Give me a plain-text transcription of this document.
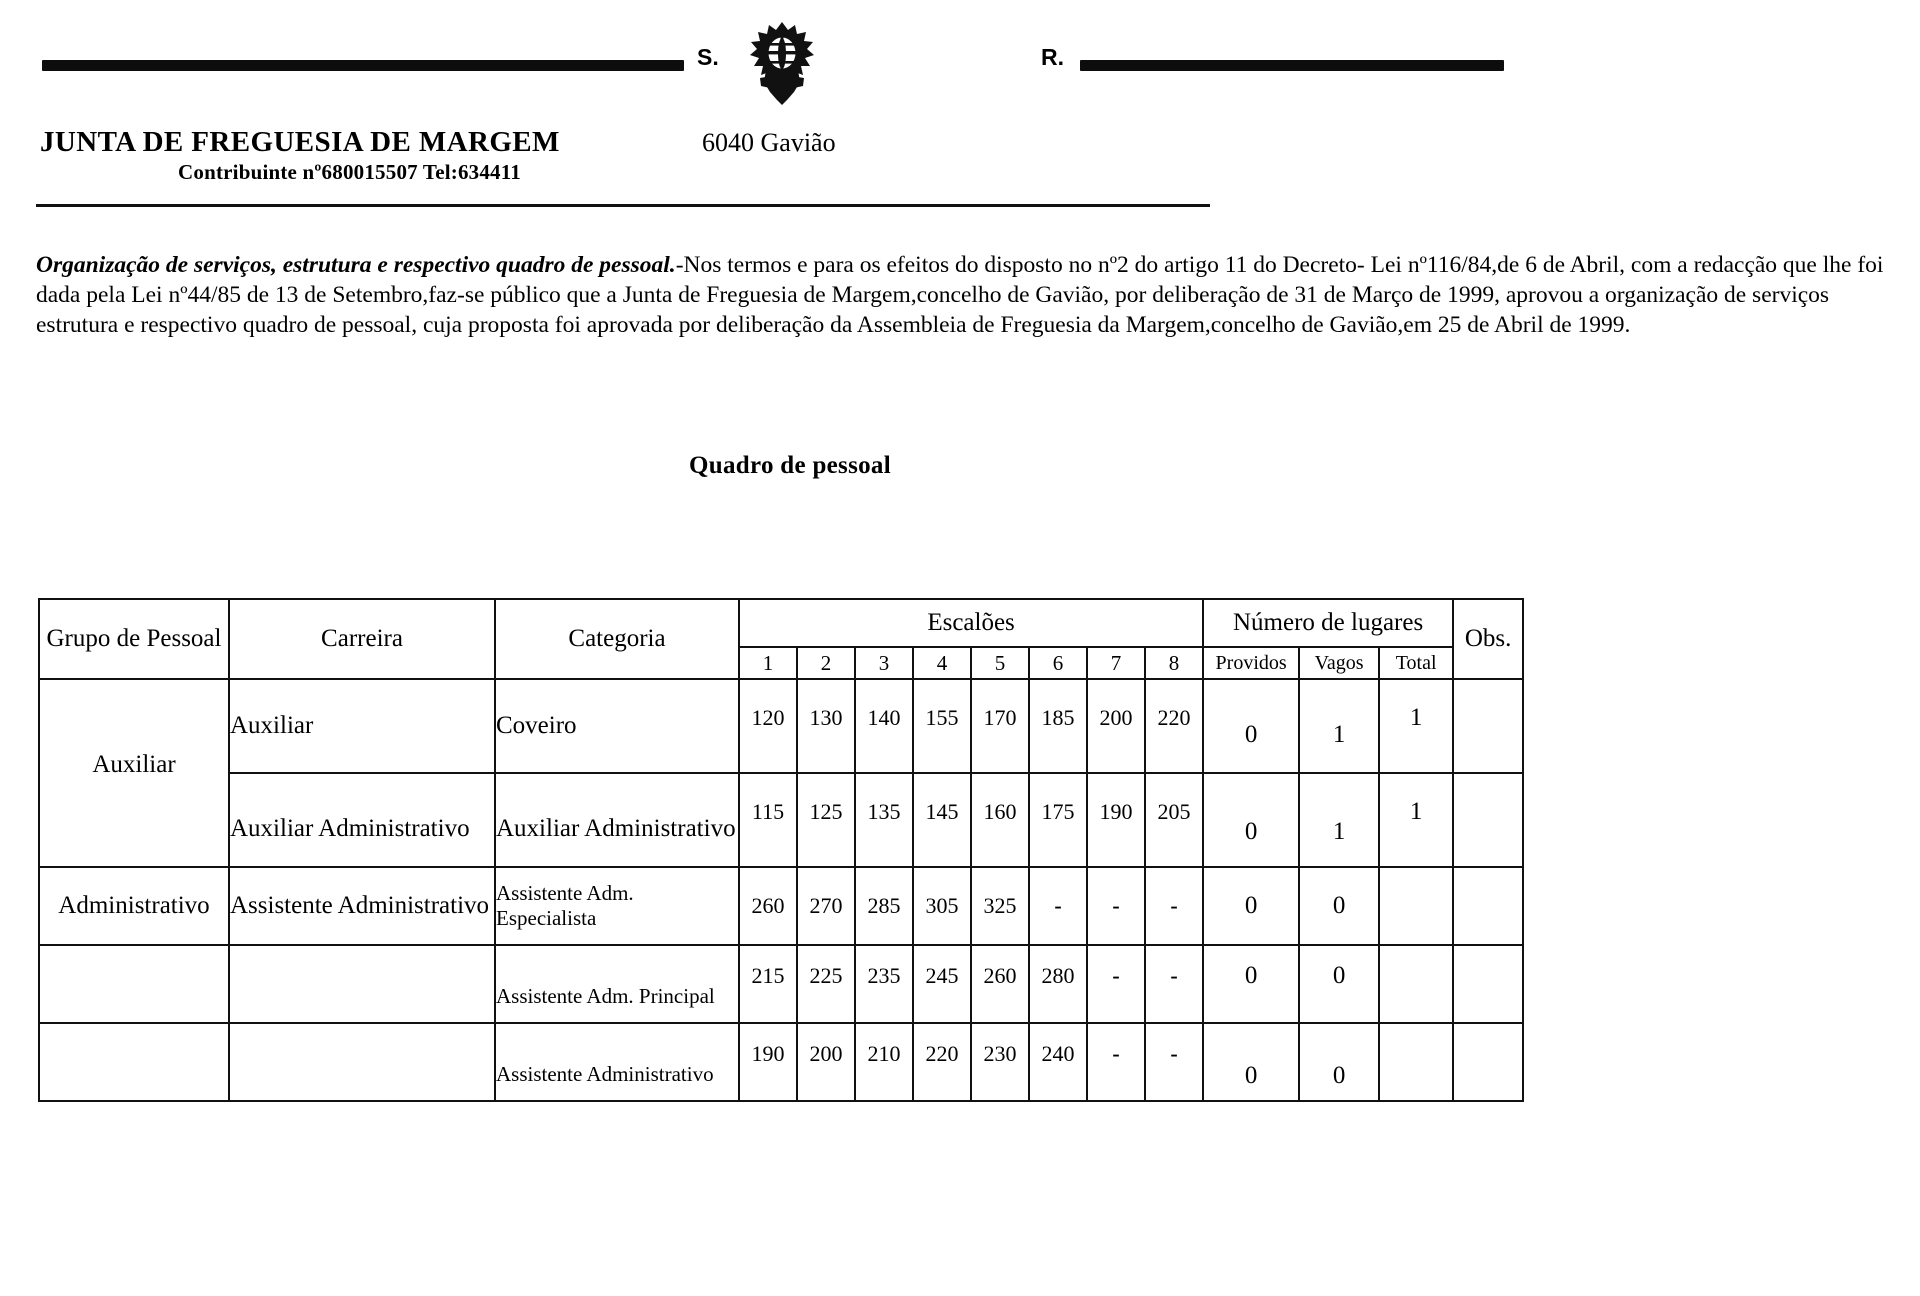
S.	R.
JUNTA DE FREGUESIA DE MARGEM
Contribuinte nº680015507 Tel:634411
6040 Gavião
Organização de serviços, estrutura e respectivo quadro de pessoal.-Nos termos e para os efeitos do disposto no nº2 do artigo 11 do Decreto- Lei nº116/84,de 6 de Abril, com a redacção que lhe foi dada pela Lei nº44/85 de 13 de Setembro,faz-se público que a Junta de Freguesia de Margem,concelho de Gavião, por deliberação de 31 de Março de 1999, aprovou a organização de serviços estrutura e respectivo quadro de pessoal, cuja proposta foi aprovada por deliberação da Assembleia de Freguesia da Margem,concelho de Gavião,em 25 de Abril de 1999.
Quadro de pessoal
Grupo de Pessoal	Carreira	Categoria	Escalões								Número de lugares			Obs.
			1	2	3	4	5	6	7	8	Providos	Vagos	Total	

Auxiliar	Auxiliar	Coveiro	120	130	140	155	170	185	200	220	0	1	1	

	Auxiliar Administrativo	Auxiliar Administrativo	115	125	135	145	160	175	190	205	0	1	1	

Administrativo	Assistente Administrativo	Assistente Adm. Especialista	260	270	285	305	325	-	-	-	0	0		

		Assistente Adm. Principal	215	225	235	245	260	280	-	-	0	0		

		Assistente Administrativo	190	200	210	220	230	240	-	-	0	0		
